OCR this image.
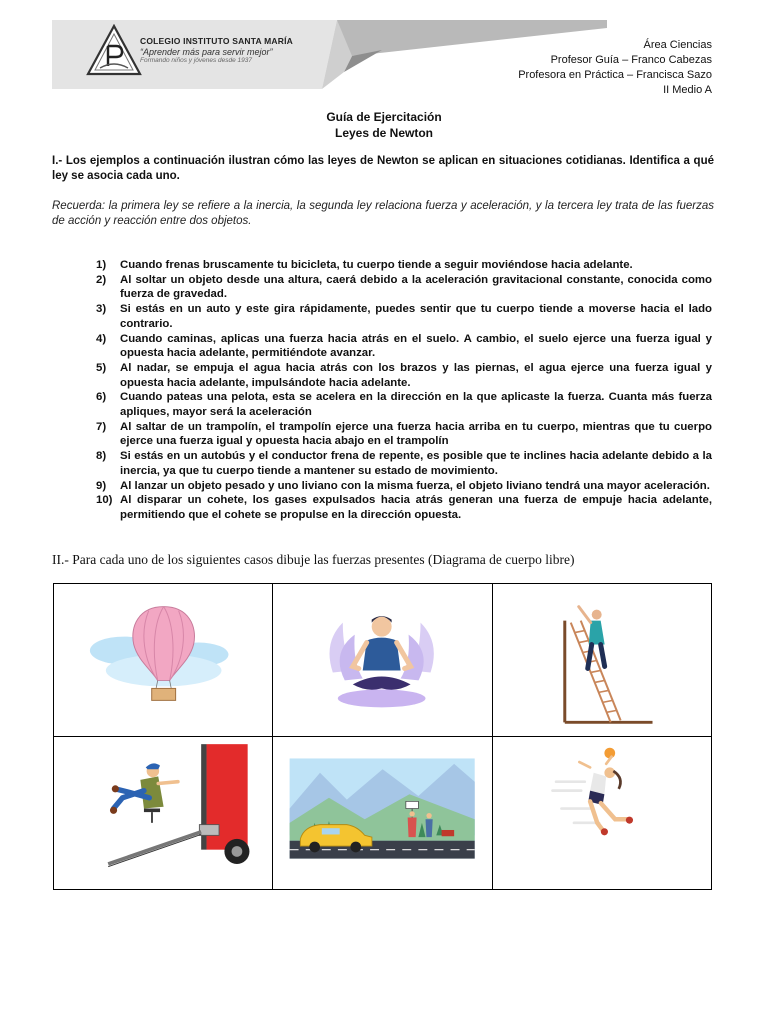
COLEGIO INSTITUTO SANTA MARÍA
“Aprender más para servir mejor”
Formando niños y jóvenes desde 1937
Área Ciencias
Profesor Guía – Franco Cabezas
Profesora en Práctica – Francisca Sazo
II Medio A
Guía de Ejercitación
Leyes de Newton
I.- Los ejemplos a continuación ilustran cómo las leyes de Newton se aplican en situaciones cotidianas. Identifica a qué ley se asocia cada uno.
Recuerda: la primera ley se refiere a la inercia, la segunda ley relaciona fuerza y aceleración, y la tercera ley trata de las fuerzas de acción y reacción entre dos objetos.
1) Cuando frenas bruscamente tu bicicleta, tu cuerpo tiende a seguir moviéndose hacia adelante.
2) Al soltar un objeto desde una altura, caerá debido a la aceleración gravitacional constante, conocida como fuerza de gravedad.
3) Si estás en un auto y este gira rápidamente, puedes sentir que tu cuerpo tiende a moverse hacia el lado contrario.
4) Cuando caminas, aplicas una fuerza hacia atrás en el suelo. A cambio, el suelo ejerce una fuerza igual y opuesta hacia adelante, permitiéndote avanzar.
5) Al nadar, se empuja el agua hacia atrás con los brazos y las piernas, el agua ejerce una fuerza igual y opuesta hacia adelante, impulsándote hacia adelante.
6) Cuando pateas una pelota, esta se acelera en la dirección en la que aplicaste la fuerza. Cuanta más fuerza apliques, mayor será la aceleración
7) Al saltar de un trampolín, el trampolín ejerce una fuerza hacia arriba en tu cuerpo, mientras que tu cuerpo ejerce una fuerza igual y opuesta hacia abajo en el trampolín
8) Si estás en un autobús y el conductor frena de repente, es posible que te inclines hacia adelante debido a la inercia, ya que tu cuerpo tiende a mantener su estado de movimiento.
9) Al lanzar un objeto pesado y uno liviano con la misma fuerza, el objeto liviano tendrá una mayor aceleración.
10) Al disparar un cohete, los gases expulsados hacia atrás generan una fuerza de empuje hacia adelante, permitiendo que el cohete se propulse en la dirección opuesta.
II.- Para cada uno de los siguientes casos dibuje las fuerzas presentes (Diagrama de cuerpo libre)
